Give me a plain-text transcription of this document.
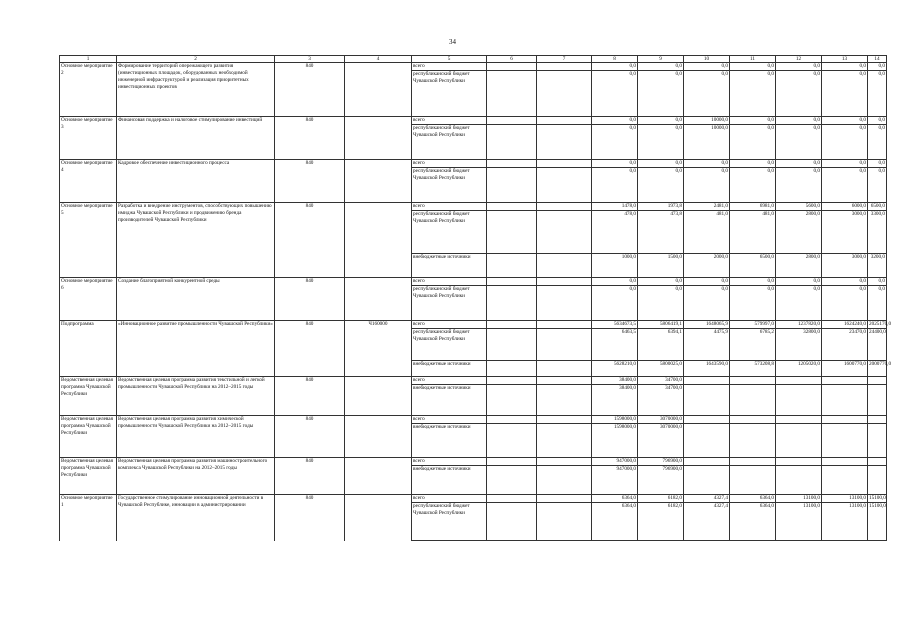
34
1	2	3	4	5	6	7	8	9	10	11	12	13	14
Основное мероприятие 2	Формирование территорий опережающего развития (инвестиционных площадок, оборудованных необходимой инженерной инфраструктурой и реализация приоритетных инвестиционных проектов	840		всего			0,0	0,0	0,0	0,0	0,0	0,0	0,0
				республиканский бюджет Чувашской Республики			0,0	0,0	0,0	0,0	0,0	0,0	0,0
Основное мероприятие 3	Финансовая поддержка и налоговое стимулирование инвестиций	840		всего			0,0	0,0	10000,0	0,0	0,0	0,0	0,0
				республиканский бюджет Чувашской Республики			0,0	0,0	10000,0	0,0	0,0	0,0	0,0
Основное мероприятие 4	Кадровое обеспечение инвестиционного процесса	840		всего			0,0	0,0	0,0	0,0	0,0	0,0	0,0
				республиканский бюджет Чувашской Республики			0,0	0,0	0,0	0,0	0,0	0,0	0,0
Основное мероприятие 5	Разработка и внедрение инструментов, способствующих повышению имиджа Чувашской Республики и продвижению бренда производителей Чувашской Республики	840		всего			1478,0	1973,8	2481,0	6981,0	5600,0	6000,0	6500,0
				республиканский бюджет Чувашской Республики			478,0	473,8	481,0	481,0	2800,0	3000,0	3300,0
				внебюджетные источники			1000,0	1500,0	2000,0	6500,0	2800,0	3000,0	3200,0
Основное мероприятие 6	Создание благоприятной конкурентной среды	840		всего			0,0	0,0	0,0	0,0	0,0	0,0	0,0
				республиканский бюджет Чувашской Республики			0,0	0,0	0,0	0,0	0,0	0,0	0,0
Подпрограмма	«Инновационное развитие промышленности Чувашской Республики»	840	Ч160000	всего			5634673,5	5806419,1	1648065,9	579997,0	1237820,0	1624240,0	2025170,0
				республиканский бюджет Чувашской Республики			6463,5	6394,1	4475,9	6785,2	32800,0	23470,0	24400,0
				внебюджетные источники			5628210,0	5800025,0	1643590,0	573208,8	1205020,0	1600770,0	2000770,0
Ведомственная целевая программа Чувашской Республики	Ведомственная целевая программа развития текстильной и легкой промышленности Чувашской Республики на 2012–2015 годы	840		всего			38400,0	34700,0					
				внебюджетные источники			38400,0	34700,0					
Ведомственная целевая программа Чувашской Республики	Ведомственная целевая программа развития химической промышленности Чувашской Республики на 2012–2015 годы	840		всего			1598000,0	3070000,0					
				внебюджетные источники			1598000,0	3070000,0					
Ведомственная целевая программа Чувашской Республики	Ведомственная целевая программа развития машиностроительного комплекса Чувашской Республики на 2012–2015 годы	840		всего			947000,0	796900,0					
				внебюджетные источники			947000,0	796900,0					
Основное мероприятие 1	Государственное стимулирование инновационной деятельности в Чувашской Республике, инновации в администрировании	840		всего			6364,0	6182,0	4327,4	6364,0	13100,0	13100,0	15100,0
				республиканский бюджет Чувашской Республики			6364,0	6182,0	4327,4	6364,0	13100,0	13100,0	15100,0
